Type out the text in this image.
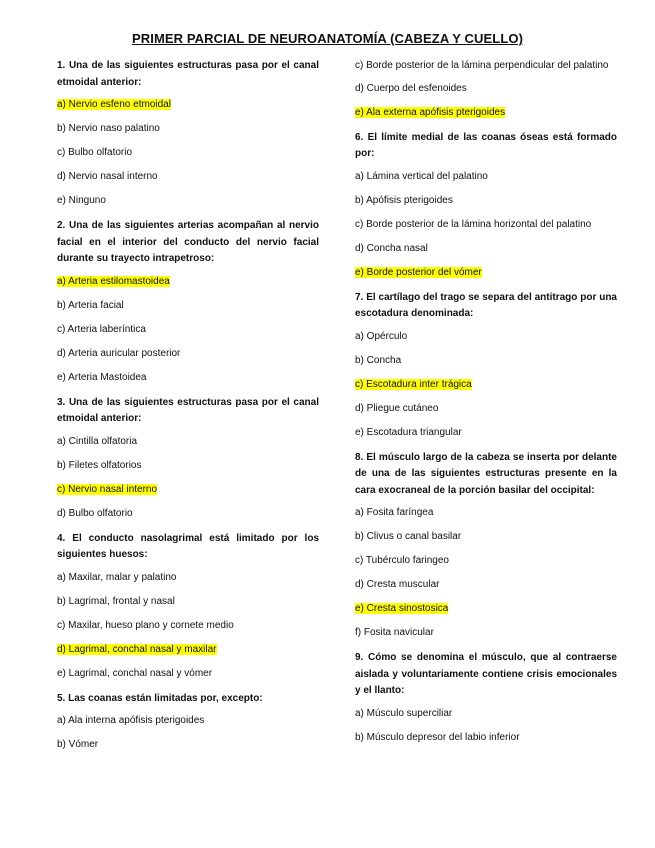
PRIMER PARCIAL DE NEUROANATOMÍA (CABEZA Y CUELLO)
1. Una de las siguientes estructuras pasa por el canal etmoidal anterior:
a) Nervio esfeno etmoidal
b) Nervio naso palatino
c) Bulbo olfatorio
d) Nervio nasal interno
e) Ninguno
2. Una de las siguientes arterias acompañan al nervio facial en el interior del conducto del nervio facial durante su trayecto intrapetroso:
a) Arteria estilomastoidea
b) Arteria facial
c) Arteria laberíntica
d) Arteria auricular posterior
e) Arteria Mastoidea
3. Una de las siguientes estructuras pasa por el canal etmoidal anterior:
a) Cintilla olfatoria
b) Filetes olfatorios
c) Nervio nasal interno
d) Bulbo olfatorio
4. El conducto nasolagrimal está limitado por los siguientes huesos:
a) Maxilar, malar y palatino
b) Lagrimal, frontal y nasal
c) Maxilar, hueso plano y cornete medio
d) Lagrimal, conchal nasal y maxilar
e) Lagrimal, conchal nasal y vómer
5. Las coanas están limitadas por, excepto:
a) Ala interna apófisis pterigoides
b) Vómer
c) Borde posterior de la lámina perpendicular del palatino
d) Cuerpo del esfenoides
e) Ala externa apófisis pterigoides
6. El límite medial de las coanas óseas está formado por:
a) Lámina vertical del palatino
b) Apófisis pterigoides
c) Borde posterior de la lámina horizontal del palatino
d) Concha nasal
e) Borde posterior del vómer
7. El cartílago del trago se separa del antitrago por una escotadura denominada:
a) Opérculo
b) Concha
c) Escotadura inter trágica
d) Pliegue cutáneo
e) Escotadura triangular
8. El músculo largo de la cabeza se inserta por delante de una de las siguientes estructuras presente en la cara exocraneal de la porción basilar del occipital:
a) Fosita faríngea
b) Clivus o canal basilar
c) Tubérculo faringeo
d) Cresta muscular
e) Cresta sinostosica
f) Fosita navicular
9. Cómo se denomina el músculo, que al contraerse aislada y voluntariamente contiene crisis emocionales y el llanto:
a) Músculo superciliar
b) Músculo depresor del labio inferior
